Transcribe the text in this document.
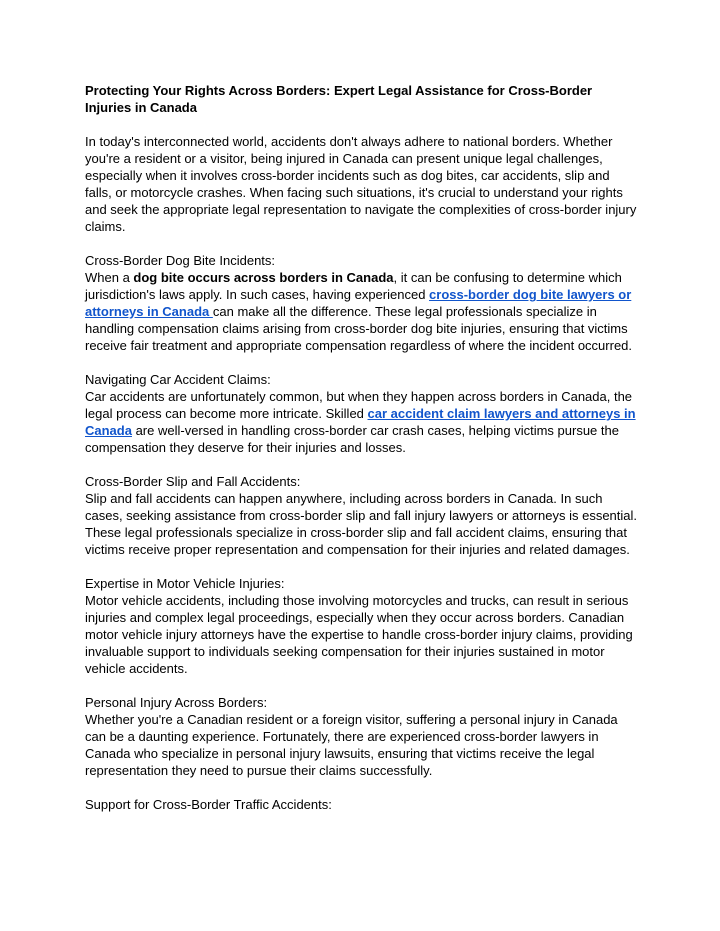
Protecting Your Rights Across Borders: Expert Legal Assistance for Cross-Border Injuries in Canada

In today's interconnected world, accidents don't always adhere to national borders. Whether you're a resident or a visitor, being injured in Canada can present unique legal challenges, especially when it involves cross-border incidents such as dog bites, car accidents, slip and falls, or motorcycle crashes. When facing such situations, it's crucial to understand your rights and seek the appropriate legal representation to navigate the complexities of cross-border injury claims.

Cross-Border Dog Bite Incidents:

When a dog bite occurs across borders in Canada, it can be confusing to determine which jurisdiction's laws apply. In such cases, having experienced cross-border dog bite lawyers or attorneys in Canada can make all the difference. These legal professionals specialize in handling compensation claims arising from cross-border dog bite injuries, ensuring that victims receive fair treatment and appropriate compensation regardless of where the incident occurred.

Navigating Car Accident Claims:

Car accidents are unfortunately common, but when they happen across borders in Canada, the legal process can become more intricate. Skilled car accident claim lawyers and attorneys in Canada are well-versed in handling cross-border car crash cases, helping victims pursue the compensation they deserve for their injuries and losses.

Cross-Border Slip and Fall Accidents:

Slip and fall accidents can happen anywhere, including across borders in Canada. In such cases, seeking assistance from cross-border slip and fall injury lawyers or attorneys is essential. These legal professionals specialize in cross-border slip and fall accident claims, ensuring that victims receive proper representation and compensation for their injuries and related damages.

Expertise in Motor Vehicle Injuries:

Motor vehicle accidents, including those involving motorcycles and trucks, can result in serious injuries and complex legal proceedings, especially when they occur across borders. Canadian motor vehicle injury attorneys have the expertise to handle cross-border injury claims, providing invaluable support to individuals seeking compensation for their injuries sustained in motor vehicle accidents.

Personal Injury Across Borders:

Whether you're a Canadian resident or a foreign visitor, suffering a personal injury in Canada can be a daunting experience. Fortunately, there are experienced cross-border lawyers in Canada who specialize in personal injury lawsuits, ensuring that victims receive the legal representation they need to pursue their claims successfully.

Support for Cross-Border Traffic Accidents:
